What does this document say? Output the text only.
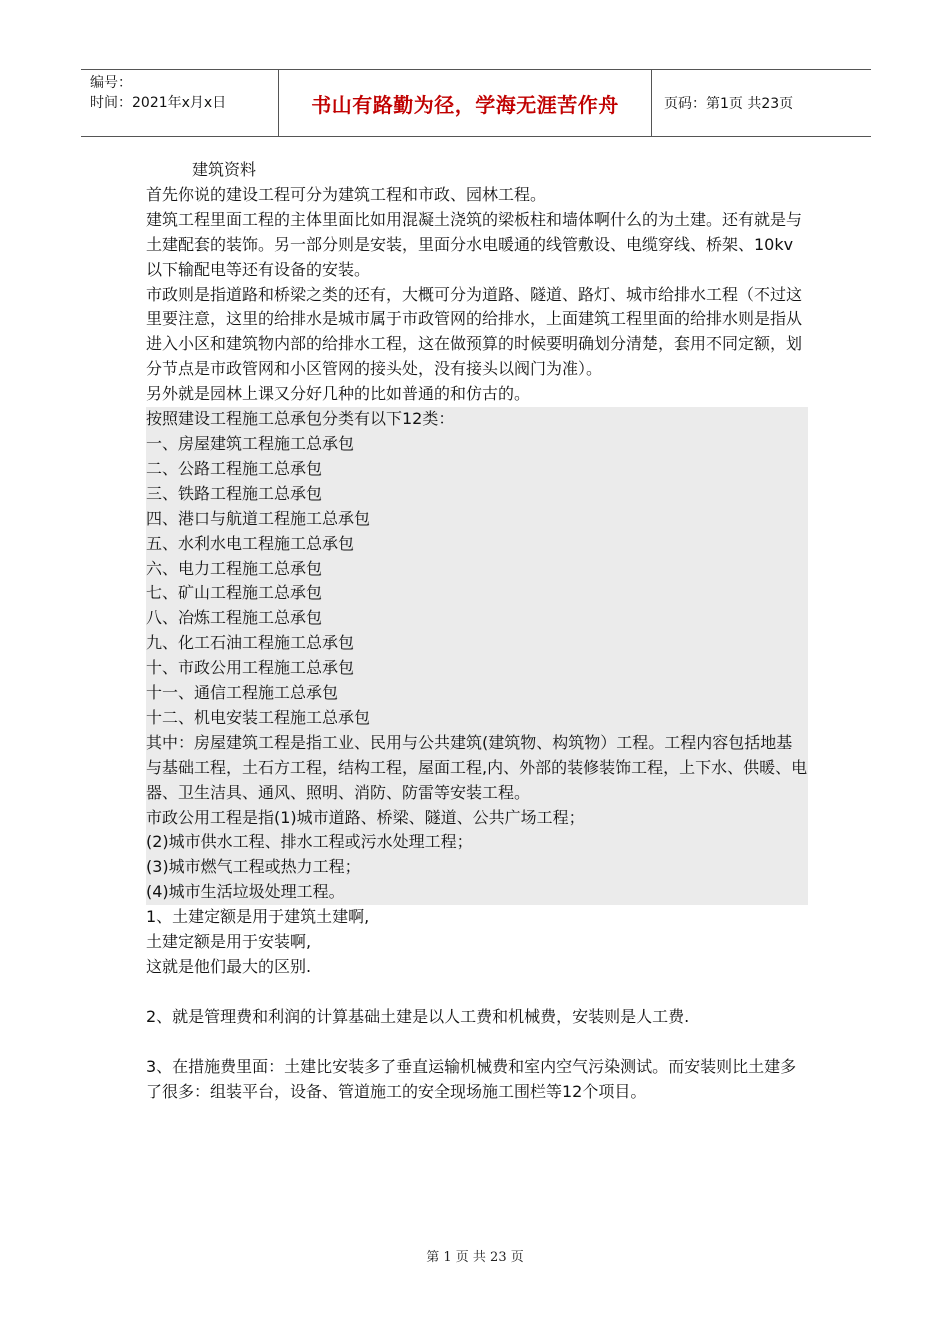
编号：
时间：2021年x月x日	书山有路勤为径，学海无涯苦作舟	页码：第1页 共23页

建筑资料

首先你说的建设工程可分为建筑工程和市政、园林工程。

建筑工程里面工程的主体里面比如用混凝土浇筑的梁板柱和墙体啊什么的为土建。还有就是与土建配套的装饰。另一部分则是安装，里面分水电暖通的线管敷设、电缆穿线、桥架、10kv以下输配电等还有设备的安装。

市政则是指道路和桥梁之类的还有，大概可分为道路、隧道、路灯、城市给排水工程（不过这里要注意，这里的给排水是城市属于市政管网的给排水，上面建筑工程里面的给排水则是指从进入小区和建筑物内部的给排水工程，这在做预算的时候要明确划分清楚，套用不同定额，划分节点是市政管网和小区管网的接头处，没有接头以阀门为准）。

另外就是园林上课又分好几种的比如普通的和仿古的。

按照建设工程施工总承包分类有以下12类：

一、房屋建筑工程施工总承包

二、公路工程施工总承包

三、铁路工程施工总承包

四、港口与航道工程施工总承包

五、水利水电工程施工总承包

六、电力工程施工总承包

七、矿山工程施工总承包

八、冶炼工程施工总承包

九、化工石油工程施工总承包

十、市政公用工程施工总承包

十一、通信工程施工总承包

十二、机电安装工程施工总承包

其中：房屋建筑工程是指工业、民用与公共建筑(建筑物、构筑物）工程。工程内容包括地基与基础工程，土石方工程，结构工程，屋面工程,内、外部的装修装饰工程，上下水、供暖、电器、卫生洁具、通风、照明、消防、防雷等安装工程。

市政公用工程是指(1)城市道路、桥梁、隧道、公共广场工程；

(2)城市供水工程、排水工程或污水处理工程；

(3)城市燃气工程或热力工程；

(4)城市生活垃圾处理工程。

1、土建定额是用于建筑土建啊,

土建定额是用于安装啊,

这就是他们最大的区别.

2、就是管理费和利润的计算基础土建是以人工费和机械费，安装则是人工费.

3、在措施费里面：土建比安装多了垂直运输机械费和室内空气污染测试。而安装则比土建多了很多：组装平台，设备、管道施工的安全现场施工围栏等12个项目。

第 1 页 共 23 页
